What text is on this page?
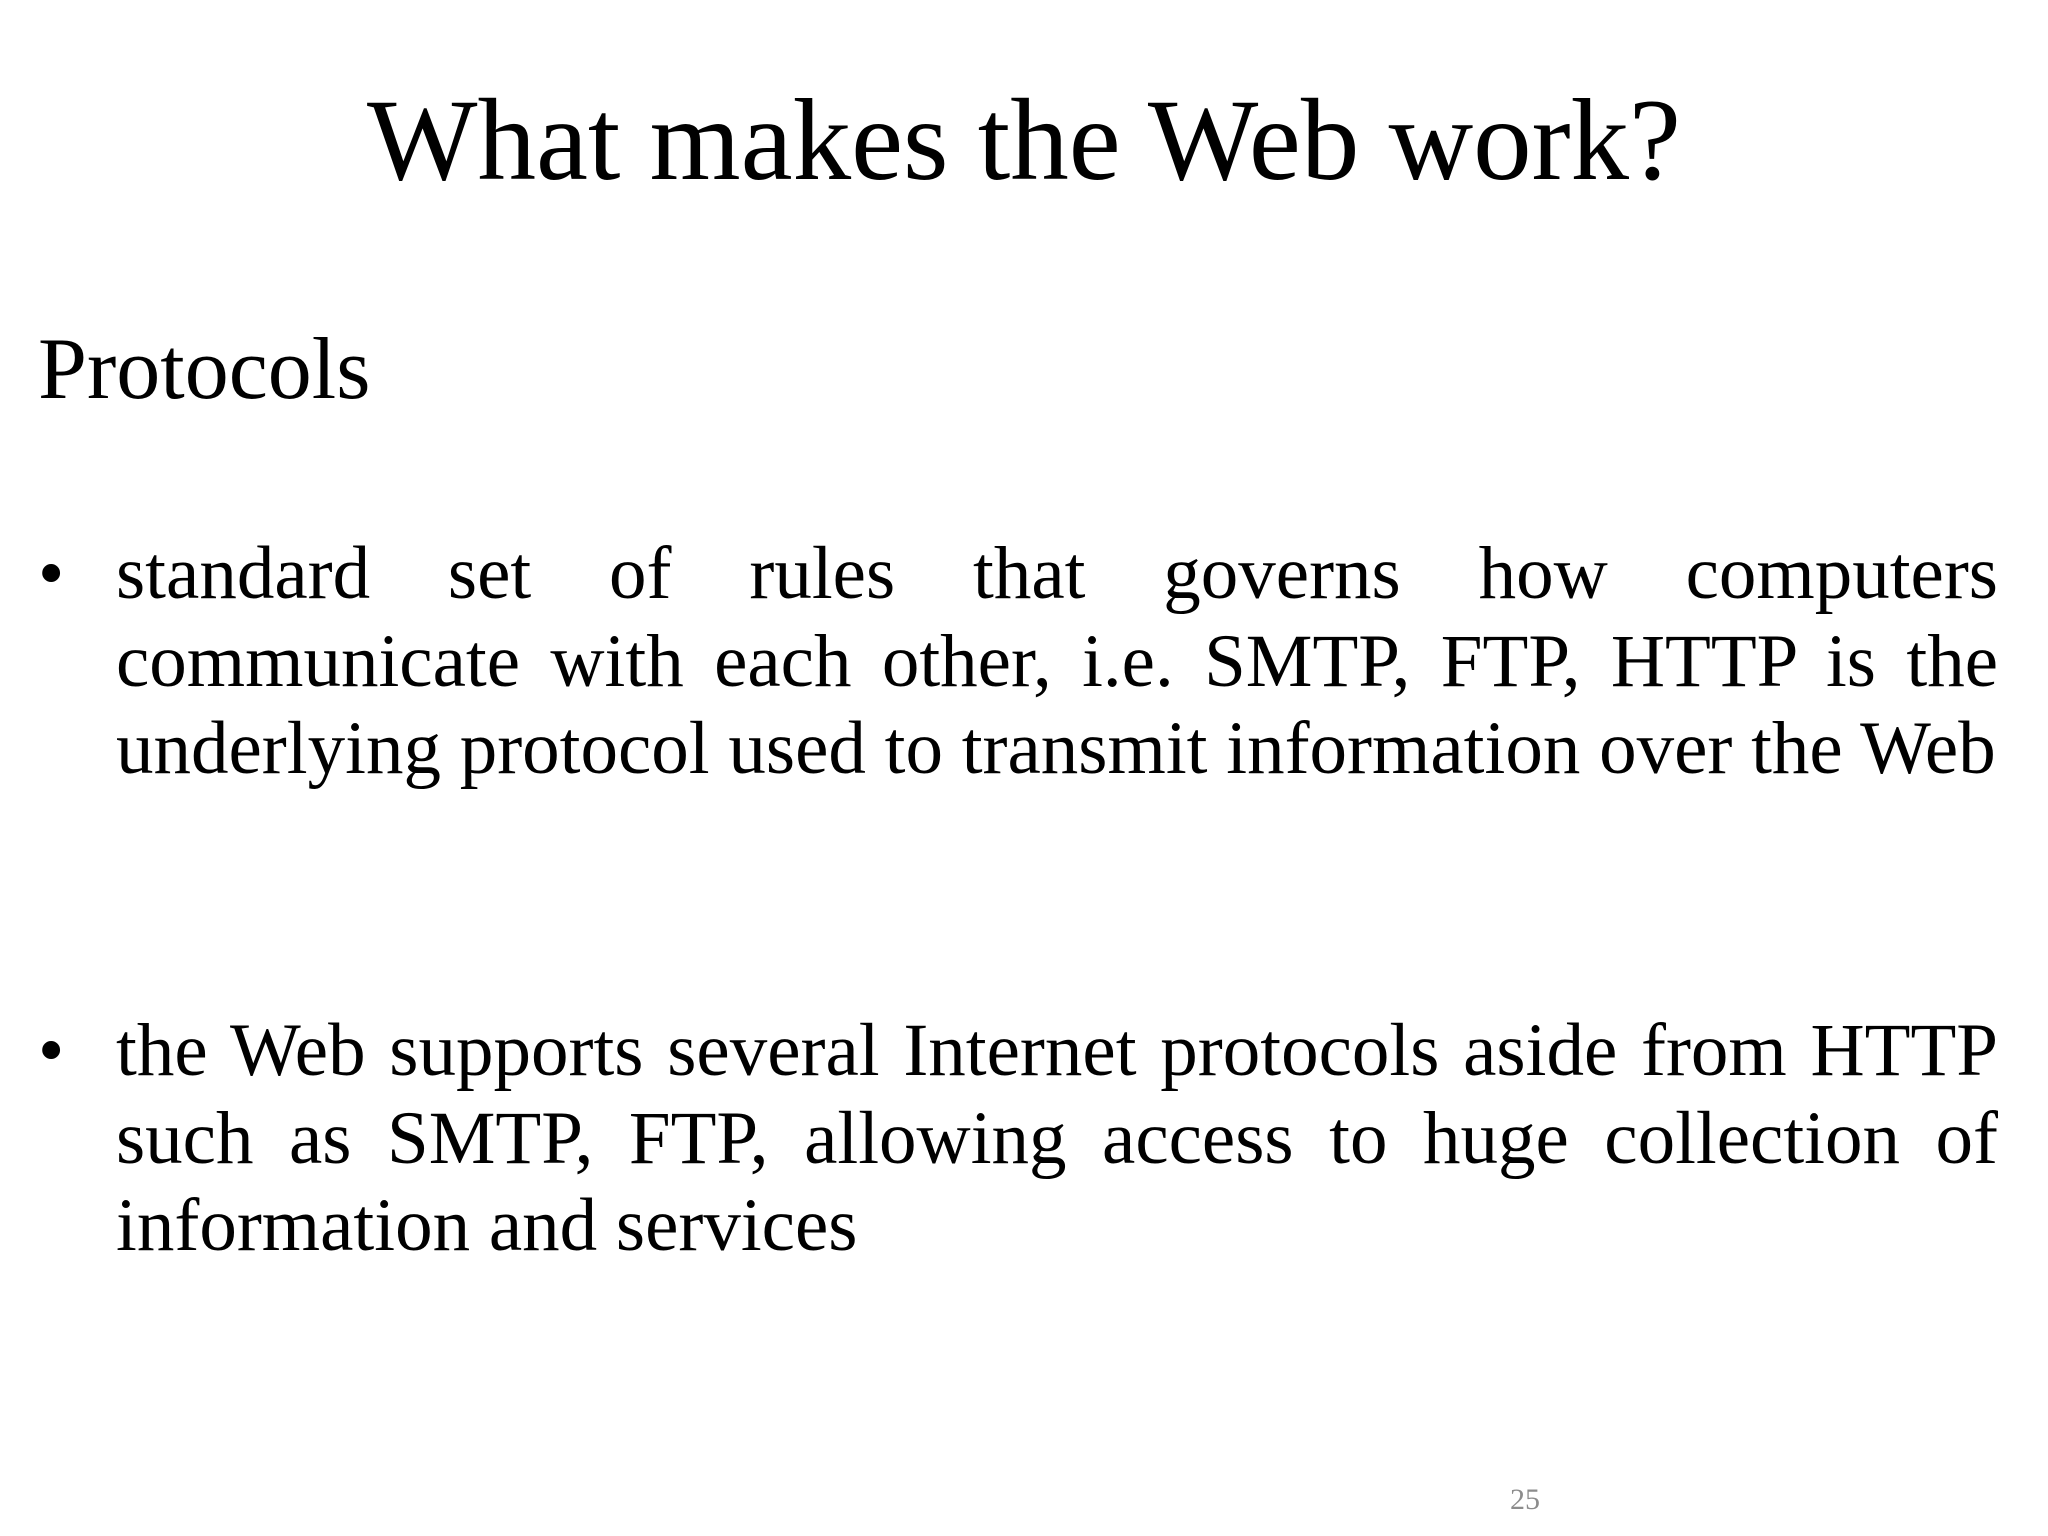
What makes the Web work?
Protocols
• standard set of rules that governs how computers communicate with each other, i.e. SMTP, FTP, HTTP is the underlying protocol used to transmit information over the Web

• the Web supports several Internet protocols aside from HTTP such as SMTP, FTP, allowing access to huge collection of information and services

25
